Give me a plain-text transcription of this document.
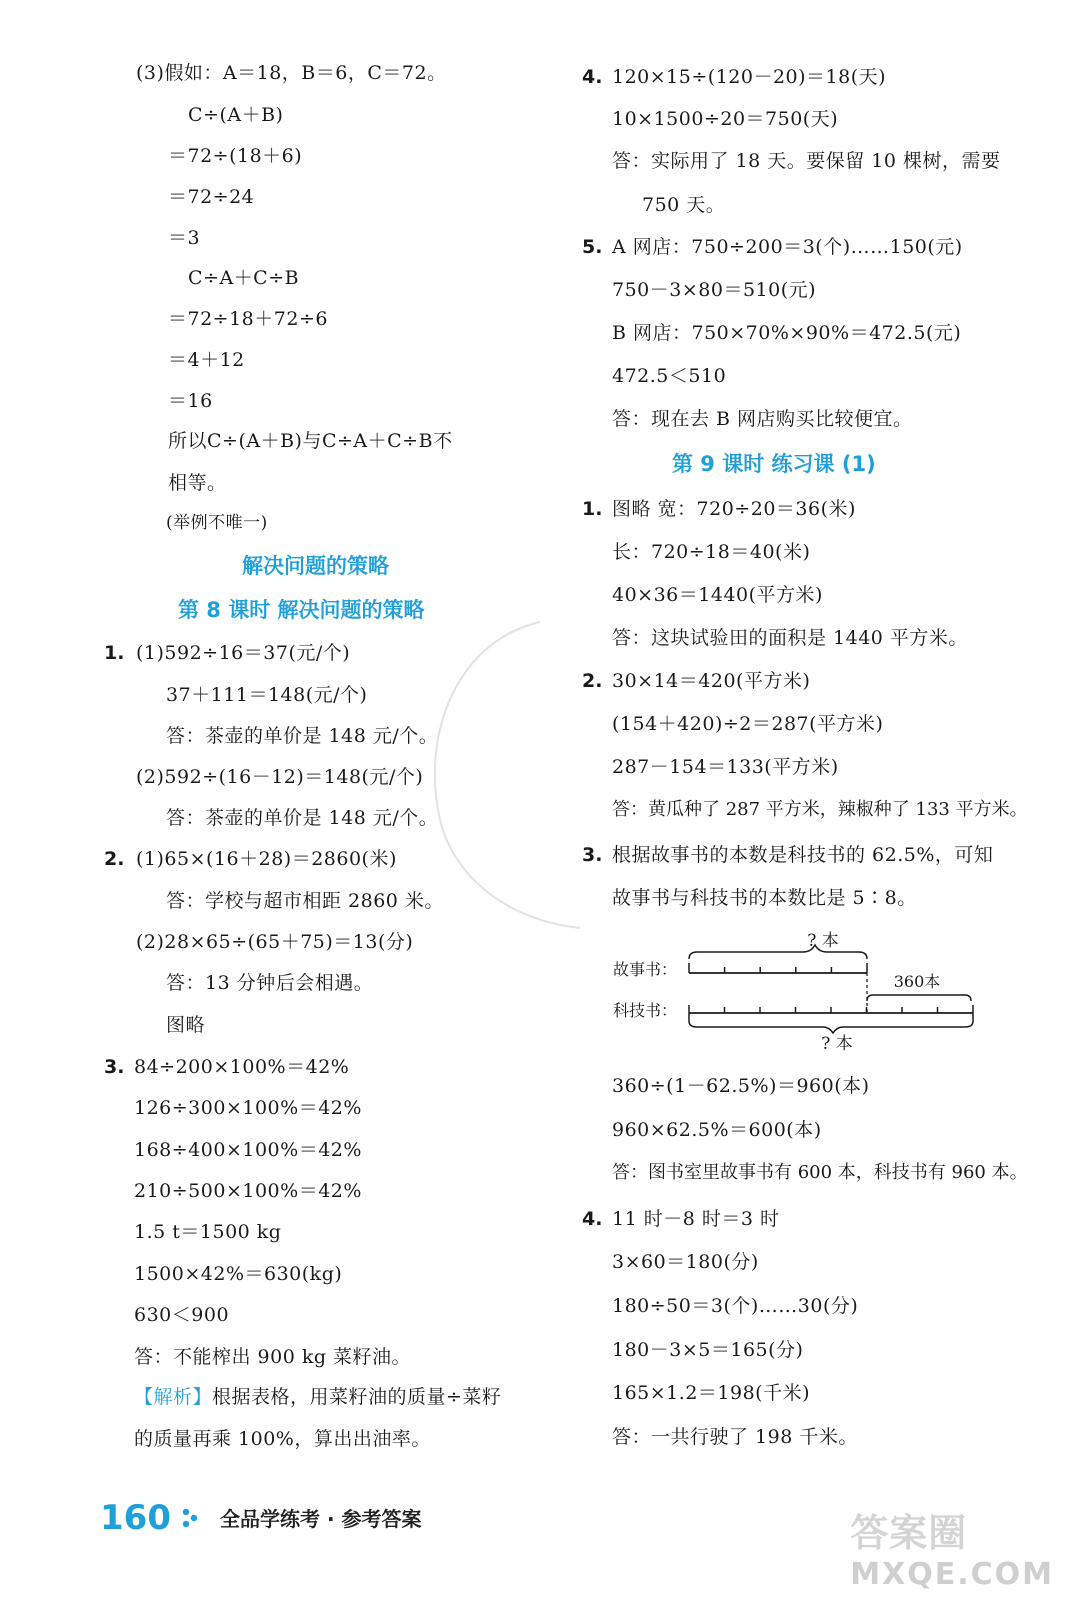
(3)假如：A＝18，B＝6，C＝72。
C÷(A＋B)
＝72÷(18＋6)
＝72÷24
＝3
C÷A＋C÷B
＝72÷18＋72÷6
＝4＋12
＝16
所以C÷(A＋B)与C÷A＋C÷B不
相等。
(举例不唯一)
解决问题的策略
第 8 课时 解决问题的策略
1. (1)592÷16＝37(元/个)
37＋111＝148(元/个)
答：茶壶的单价是 148 元/个。
(2)592÷(16－12)＝148(元/个)
答：茶壶的单价是 148 元/个。
2. (1)65×(16＋28)＝2860(米)
答：学校与超市相距 2860 米。
(2)28×65÷(65＋75)＝13(分)
答：13 分钟后会相遇。
图略
3. 84÷200×100%＝42%
126÷300×100%＝42%
168÷400×100%＝42%
210÷500×100%＝42%
1.5 t＝1500 kg
1500×42%＝630(kg)
630＜900
答：不能榨出 900 kg 菜籽油。
【解析】根据表格，用菜籽油的质量÷菜籽
的质量再乘 100%，算出出油率。
4. 120×15÷(120－20)＝18(天)
10×1500÷20＝750(天)
答：实际用了 18 天。要保留 10 棵树，需要
750 天。
5. A 网店：750÷200＝3(个)……150(元)
750－3×80＝510(元)
B 网店：750×70%×90%＝472.5(元)
472.5＜510
答：现在去 B 网店购买比较便宜。
第 9 课时 练习课 (1)
1. 图略 宽：720÷20＝36(米)
长：720÷18＝40(米)
40×36＝1440(平方米)
答：这块试验田的面积是 1440 平方米。
2. 30×14＝420(平方米)
(154＋420)÷2＝287(平方米)
287－154＝133(平方米)
答：黄瓜种了 287 平方米，辣椒种了 133 平方米。
3. 根据故事书的本数是科技书的 62.5%，可知
故事书与科技书的本数比是 5∶8。
? 本
故事书：
360本
科技书：
? 本
360÷(1－62.5%)＝960(本)
960×62.5%＝600(本)
答：图书室里故事书有 600 本，科技书有 960 本。
4. 11 时－8 时＝3 时
3×60＝180(分)
180÷50＝3(个)……30(分)
180－3×5＝165(分)
165×1.2＝198(千米)
答：一共行驶了 198 千米。
160 全品学练考 · 参考答案	答案圈
MXQE.COM
